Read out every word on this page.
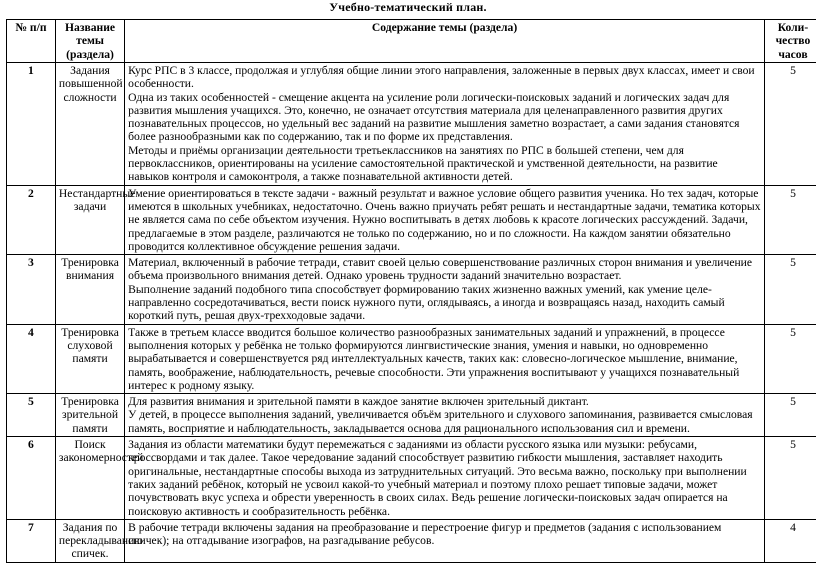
Учебно-тематический план.
№ п/п	Название темы (раздела)	Содержание темы (раздела)	Коли-чество часов
1	Задания повышенной сложности	Курс РПС в 3 классе, продолжая и углубляя общие линии этого направления, заложенные в первых двух классах, имеет и свои особенности.
Одна из таких особенностей - смещение акцента на усиление роли логически-поисковых заданий и логических задач для развития мышления учащихся. Это, конечно, не означает отсутствия материала для целенаправленного развития других познавательных процессов, но удельный вес заданий на развитие мышления заметно возрастает, а сами задания становятся более разнообразными как по содержанию, так и по форме их представления.
Методы и приёмы организации деятельности третьеклассников на занятиях по РПС в большей степени, чем для первоклассников, ориентированы на усиление самостоятельной практической и умственной деятельности, на развитие навыков контроля и самоконтроля, а также познавательной активности детей.	5
2	Нестандартные задачи	Умение ориентироваться в тексте задачи - важный результат и важное условие общего развития ученика. Но тех задач, которые имеются в школьных учебниках, недостаточно. Очень важно приучать ребят решать и нестандартные задачи, тематика которых не является сама по себе объектом изучения. Нужно воспитывать в детях любовь к красоте логических рассуждений. Задачи, предлагаемые в этом разделе, различаются не только по содержанию, но и по сложности. На каждом занятии обязательно проводится коллективное обсуждение решения задачи.	5
3	Тренировка внимания	Материал, включенный в рабочие тетради, ставит своей целью совершенствование различных сторон внимания и увеличение объема произвольного внимания детей. Однако уровень трудности заданий значительно возрастает.
Выполнение заданий подобного типа способствует формированию таких жизненно важных умений, как умение целе-направленно сосредотачиваться, вести поиск нужного пути, оглядываясь, а иногда и возвращаясь назад, находить самый короткий путь, решая двух-трехходовые задачи.	5
4	Тренировка слуховой памяти	Также в третьем классе вводится большое количество разнообразных занимательных заданий и упражнений, в процессе выполнения которых у ребёнка не только формируются лингвистические знания, умения и навыки, но одновременно вырабатывается и совершенствуется ряд интеллектуальных качеств, таких как: словесно-логическое мышление, внимание, память, воображение, наблюдательность, речевые способности. Эти упражнения воспитывают у учащихся познавательный интерес к родному языку.	5
5	Тренировка зрительной памяти	Для развития внимания и зрительной памяти в каждое занятие включен зрительный диктант.
У детей, в процессе выполнения заданий, увеличивается объём зрительного и слухового запоминания, развивается смысловая память, восприятие и наблюдательность, закладывается основа для рационального использования сил и времени.	5
6	Поиск закономерностей	Задания из области математики будут перемежаться с заданиями из области русского языка или музыки: ребусами, кроссвордами и так далее. Такое чередование заданий способствует развитию гибкости мышления, заставляет находить оригинальные, нестандартные способы выхода из затруднительных ситуаций. Это весьма важно, поскольку при выполнении таких заданий ребёнок, который не усвоил какой-то учебный материал и поэтому плохо решает типовые задачи, может почувствовать вкус успеха и обрести уверенность в своих силах. Ведь решение логически-поисковых задач опирается на поисковую активность и сообразительность ребёнка.	5
7	Задания по перекладыванию спичек.	В рабочие тетради включены задания на преобразование и перестроение фигур и предметов (задания с использованием спичек); на отгадывание изографов, на разгадывание ребусов.	4
